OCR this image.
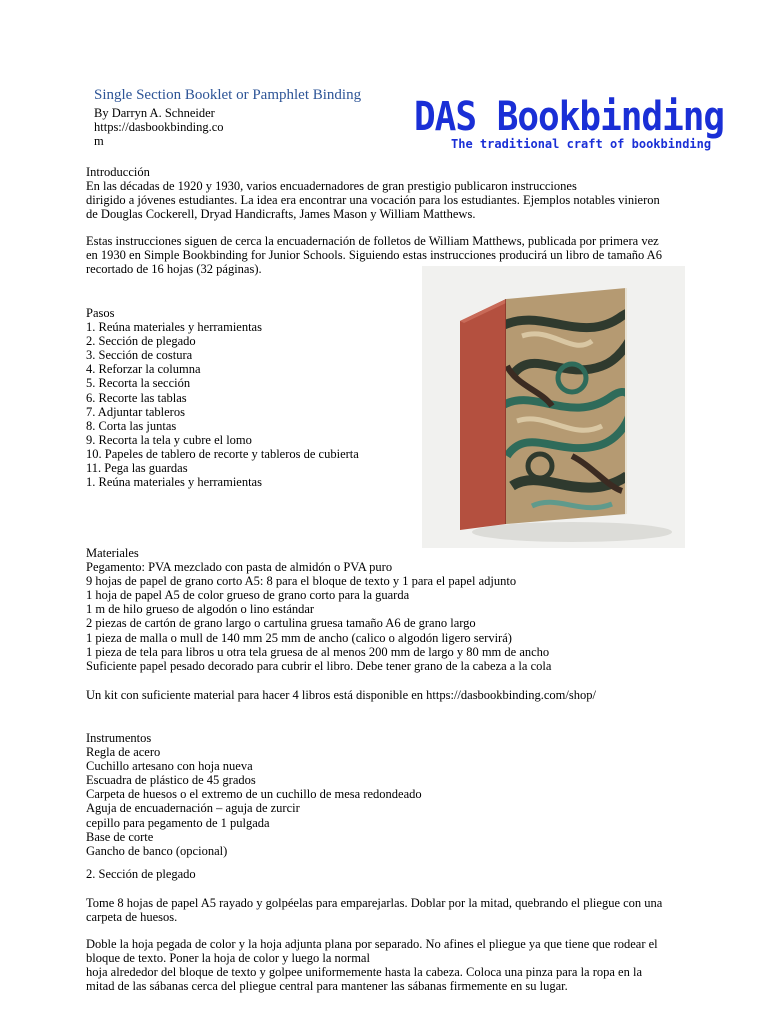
Single Section Booklet or Pamphlet Binding
By Darryn A. Schneider
https://dasbookbinding.co
m
DAS Bookbinding
The traditional craft of bookbinding
Introducción
En las décadas de 1920 y 1930, varios encuadernadores de gran prestigio publicaron instrucciones
dirigido a jóvenes estudiantes. La idea era encontrar una vocación para los estudiantes. Ejemplos notables vinieron
de Douglas Cockerell, Dryad Handicrafts, James Mason y William Matthews.
Estas instrucciones siguen de cerca la encuadernación de folletos de William Matthews, publicada por primera vez
en 1930 en Simple Bookbinding for Junior Schools. Siguiendo estas instrucciones producirá un libro de tamaño A6
recortado de 16 hojas (32 páginas).
Pasos
1. Reúna materiales y herramientas
2. Sección de plegado
3. Sección de costura
4. Reforzar la columna
5. Recorta la sección
6. Recorte las tablas
7. Adjuntar tableros
8. Corta las juntas
9. Recorta la tela y cubre el lomo
10. Papeles de tablero de recorte y tableros de cubierta
11. Pega las guardas
1. Reúna materiales y herramientas
Materiales
Pegamento: PVA mezclado con pasta de almidón o PVA puro
9 hojas de papel de grano corto A5: 8 para el bloque de texto y 1 para el papel adjunto
1 hoja de papel A5 de color grueso de grano corto para la guarda
1 m de hilo grueso de algodón o lino estándar
2 piezas de cartón de grano largo o cartulina gruesa tamaño A6 de grano largo
1 pieza de malla o mull de 140 mm 25 mm de ancho (calico o algodón ligero servirá)
1 pieza de tela para libros u otra tela gruesa de al menos 200 mm de largo y 80 mm de ancho
Suficiente papel pesado decorado para cubrir el libro. Debe tener grano de la cabeza a la cola
Un kit con suficiente material para hacer 4 libros está disponible en https://dasbookbinding.com/shop/
Instrumentos
Regla de acero
Cuchillo artesano con hoja nueva
Escuadra de plástico de 45 grados
Carpeta de huesos o el extremo de un cuchillo de mesa redondeado
Aguja de encuadernación – aguja de zurcir
cepillo para pegamento de 1 pulgada
Base de corte
Gancho de banco (opcional)
2. Sección de plegado
Tome 8 hojas de papel A5 rayado y golpéelas para emparejarlas. Doblar por la mitad, quebrando el pliegue con una
carpeta de huesos.
Doble la hoja pegada de color y la hoja adjunta plana por separado. No afines el pliegue ya que tiene que rodear el
bloque de texto. Poner la hoja de color y luego la normal
hoja alrededor del bloque de texto y golpee uniformemente hasta la cabeza. Coloca una pinza para la ropa en la
mitad de las sábanas cerca del pliegue central para mantener las sábanas firmemente en su lugar.
